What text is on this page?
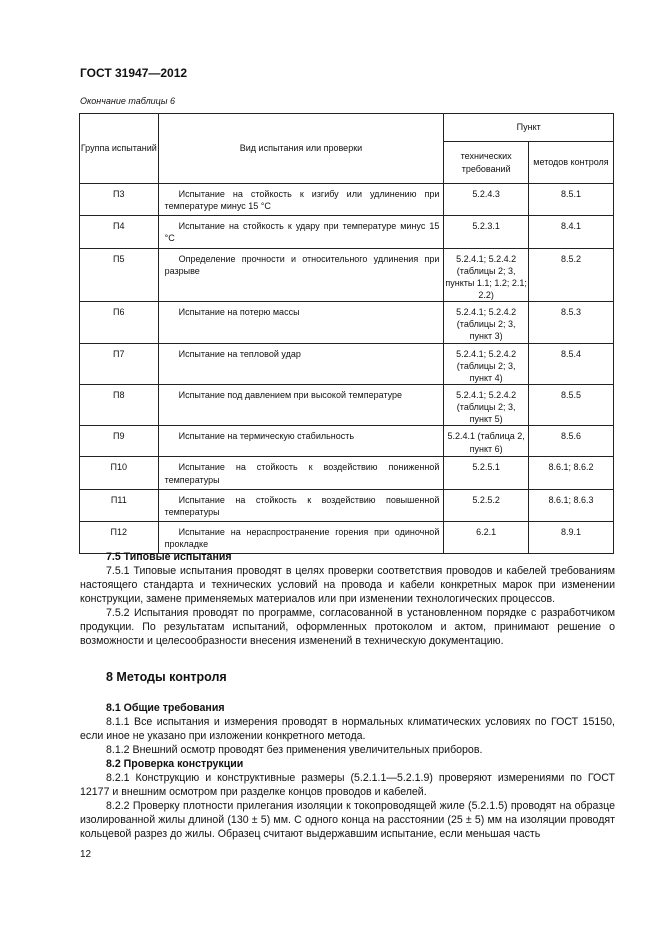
ГОСТ 31947—2012
Окончание таблицы 6
Группа испытаний	Вид испытания или проверки	Пункт	
		технических требований	методов контроля
П3	Испытание на стойкость к изгибу или удлинению при температуре минус 15 °С	5.2.4.3	8.5.1
П4	Испытание на стойкость к удару при температуре минус 15 °С	5.2.3.1	8.4.1
П5	Определение прочности и относительного удлинения при разрыве	5.2.4.1; 5.2.4.2 (таблицы 2; 3, пункты 1.1; 1.2; 2.1; 2.2)	8.5.2
П6	Испытание на потерю массы	5.2.4.1; 5.2.4.2 (таблицы 2; 3, пункт 3)	8.5.3
П7	Испытание на тепловой удар	5.2.4.1; 5.2.4.2 (таблицы 2; 3, пункт 4)	8.5.4
П8	Испытание под давлением при высокой температуре	5.2.4.1; 5.2.4.2 (таблицы 2; 3, пункт 5)	8.5.5
П9	Испытание на термическую стабильность	5.2.4.1 (таблица 2, пункт 6)	8.5.6
П10	Испытание на стойкость к воздействию пониженной температуры	5.2.5.1	8.6.1; 8.6.2
П11	Испытание на стойкость к воздействию повышенной температуры	5.2.5.2	8.6.1; 8.6.3
П12	Испытание на нераспространение горения при одиночной прокладке	6.2.1	8.9.1
7.5 Типовые испытания

7.5.1 Типовые испытания проводят в целях проверки соответствия проводов и кабелей требованиям настоящего стандарта и технических условий на провода и кабели конкретных марок при изменении конструкции, замене применяемых материалов или при изменении технологических процессов.

7.5.2 Испытания проводят по программе, согласованной в установленном порядке с разработчиком продукции. По результатам испытаний, оформленных протоколом и актом, принимают решение о возможности и целесообразности внесения изменений в техническую документацию.

8 Методы контроля
8.1 Общие требования

8.1.1 Все испытания и измерения проводят в нормальных климатических условиях по ГОСТ 15150, если иное не указано при изложении конкретного метода.

8.1.2 Внешний осмотр проводят без применения увеличительных приборов.

8.2 Проверка конструкции

8.2.1 Конструкцию и конструктивные размеры (5.2.1.1—5.2.1.9) проверяют измерениями по ГОСТ 12177 и внешним осмотром при разделке концов проводов и кабелей.

8.2.2 Проверку плотности прилегания изоляции к токопроводящей жиле (5.2.1.5) проводят на образце изолированной жилы длиной (130 ± 5) мм. С одного конца на расстоянии (25 ± 5) мм на изоляции проводят кольцевой разрез до жилы. Образец считают выдержавшим испытание, если меньшая часть

12
